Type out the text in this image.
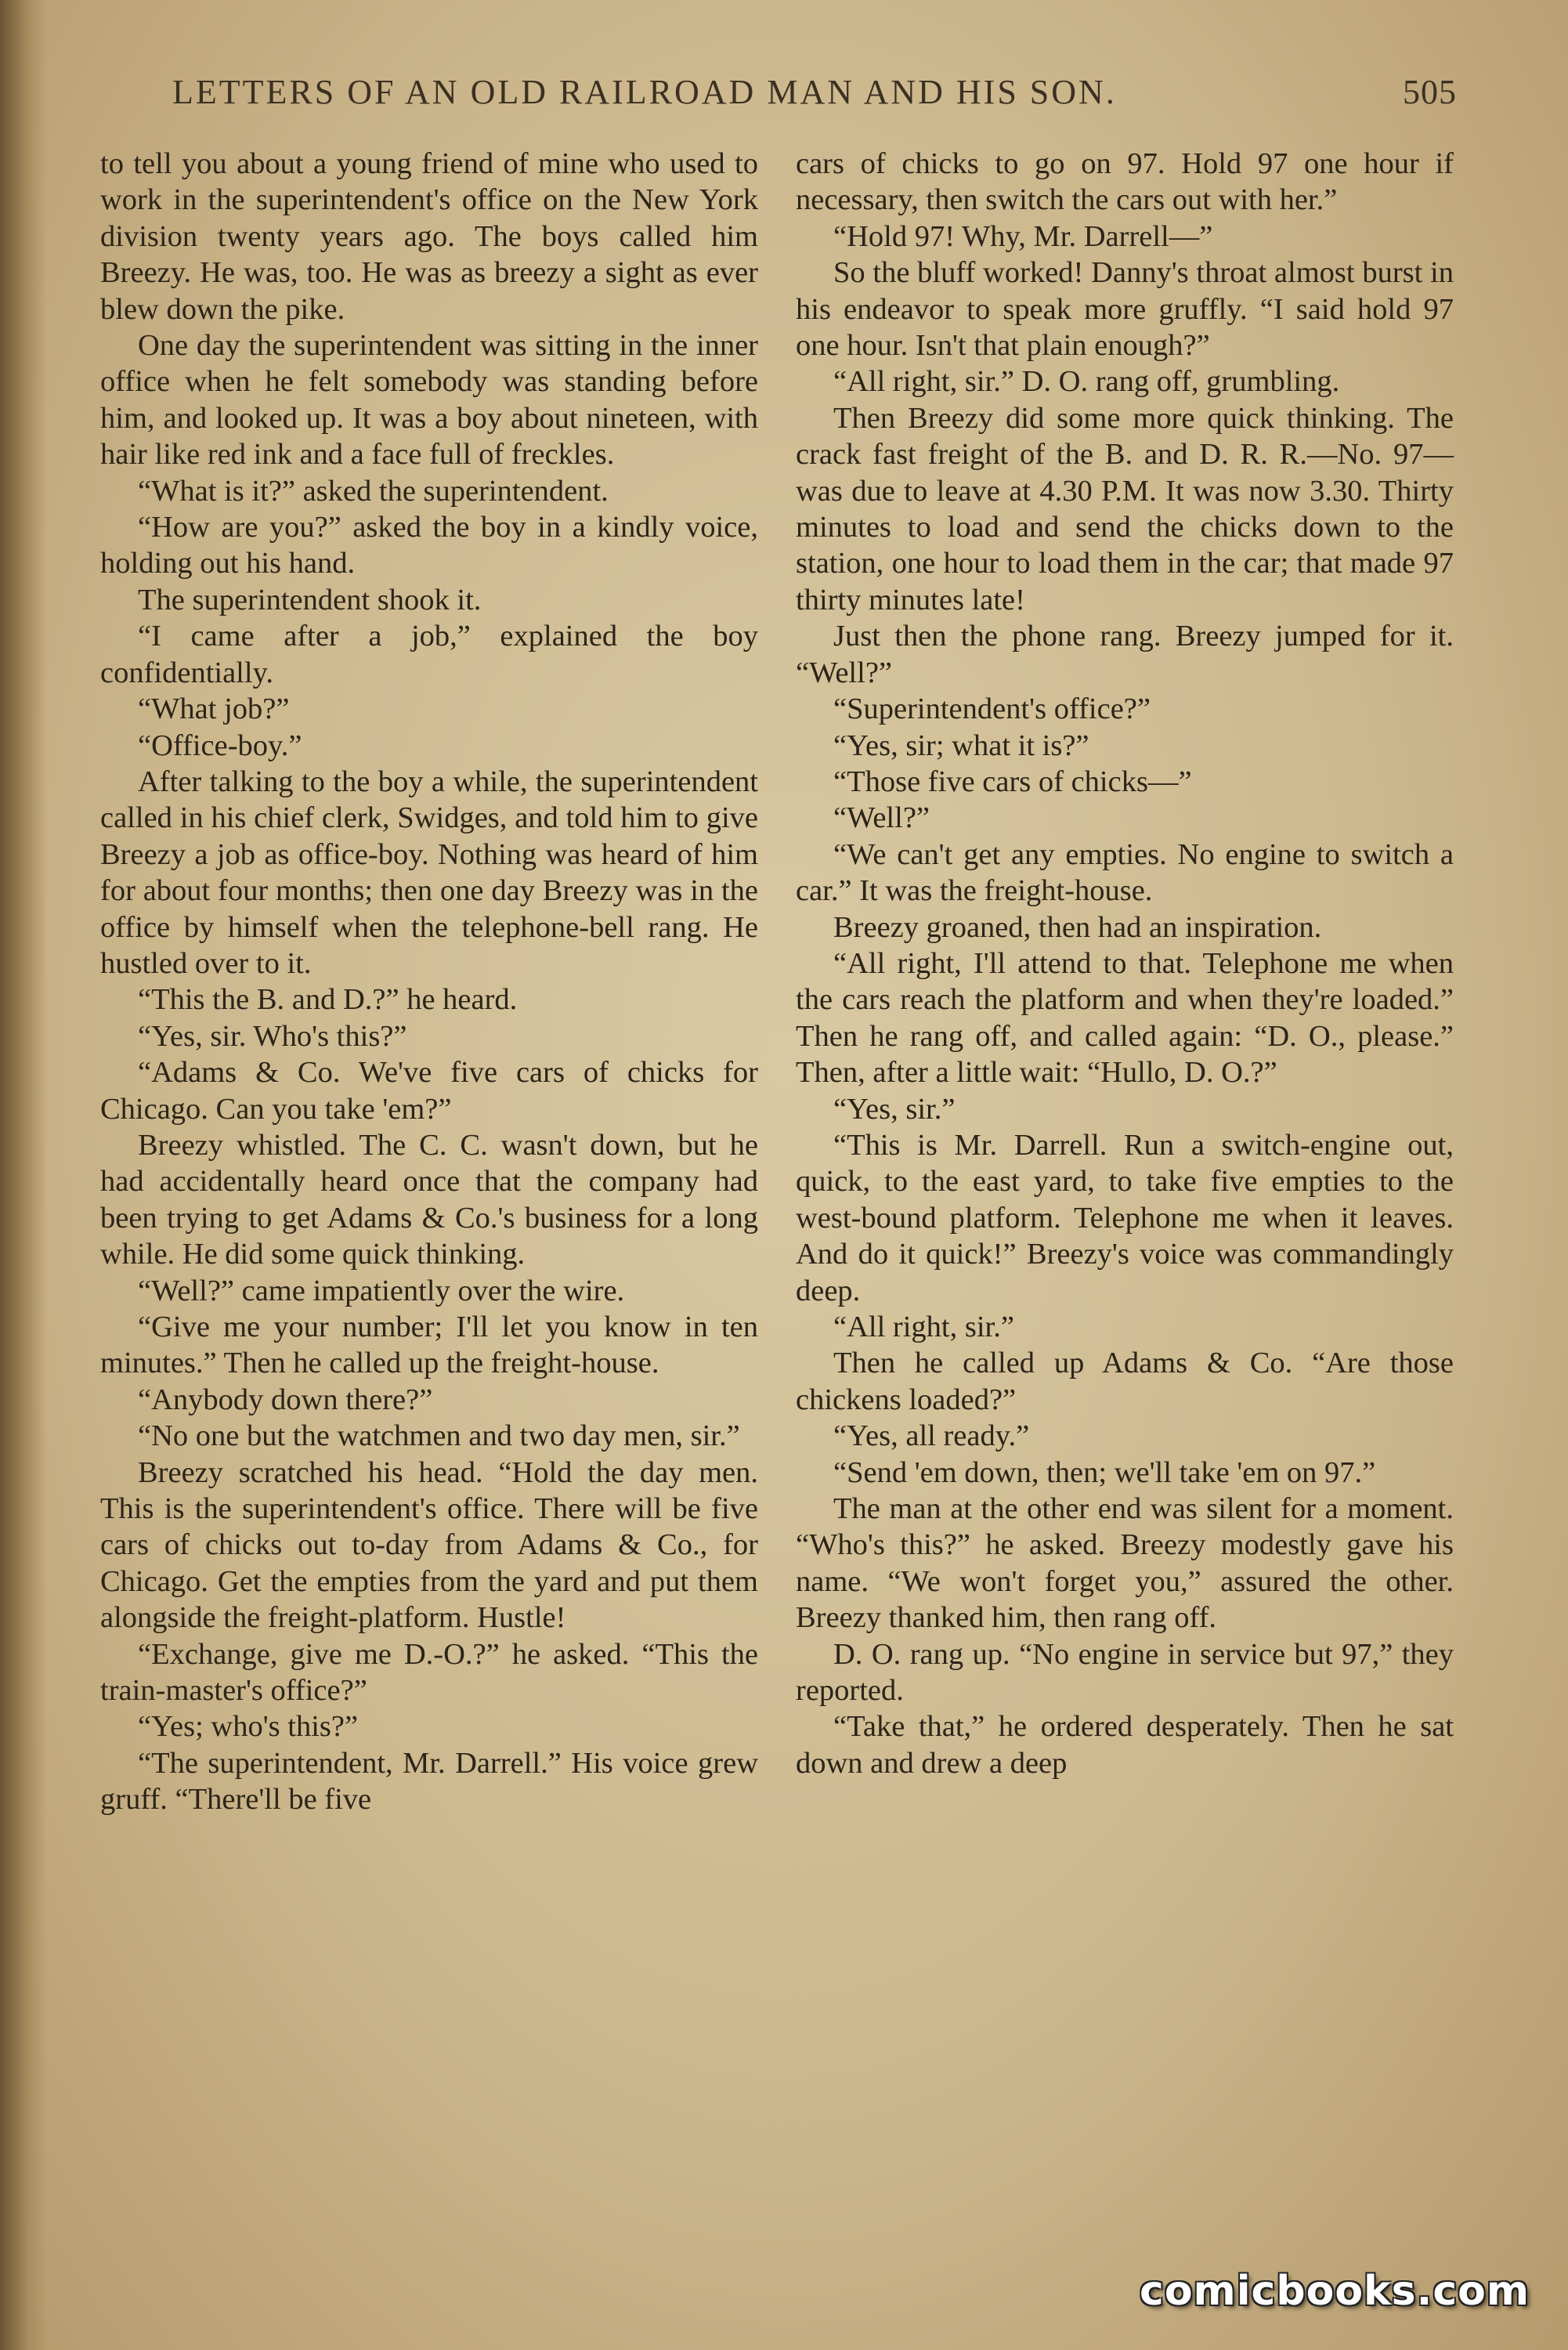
LETTERS OF AN OLD RAILROAD MAN AND HIS SON.	505

to tell you about a young friend of mine who used to work in the superintendent's office on the New York division twenty years ago. The boys called him Breezy. He was, too. He was as breezy a sight as ever blew down the pike.

One day the superintendent was sitting in the inner office when he felt somebody was standing before him, and looked up. It was a boy about nineteen, with hair like red ink and a face full of freckles.

“What is it?” asked the superintendent.

“How are you?” asked the boy in a kindly voice, holding out his hand.

The superintendent shook it.

“I came after a job,” explained the boy confidentially.

“What job?”

“Office-boy.”

After talking to the boy a while, the superintendent called in his chief clerk, Swidges, and told him to give Breezy a job as office-boy. Nothing was heard of him for about four months; then one day Breezy was in the office by himself when the telephone-bell rang. He hustled over to it.

“This the B. and D.?” he heard.

“Yes, sir. Who's this?”

“Adams & Co. We've five cars of chicks for Chicago. Can you take 'em?”

Breezy whistled. The C. C. wasn't down, but he had accidentally heard once that the company had been trying to get Adams & Co.'s business for a long while. He did some quick thinking.

“Well?” came impatiently over the wire.

“Give me your number; I'll let you know in ten minutes.” Then he called up the freight-house.

“Anybody down there?”

“No one but the watchmen and two day men, sir.”

Breezy scratched his head. “Hold the day men. This is the superintendent's office. There will be five cars of chicks out to-day from Adams & Co., for Chicago. Get the empties from the yard and put them alongside the freight-platform. Hustle!

“Exchange, give me D.-O.?” he asked. “This the train-master's office?”

“Yes; who's this?”

“The superintendent, Mr. Darrell.” His voice grew gruff. “There'll be five

cars of chicks to go on 97. Hold 97 one hour if necessary, then switch the cars out with her.”

“Hold 97! Why, Mr. Darrell—”

So the bluff worked! Danny's throat almost burst in his endeavor to speak more gruffly. “I said hold 97 one hour. Isn't that plain enough?”

“All right, sir.” D. O. rang off, grumbling.

Then Breezy did some more quick thinking. The crack fast freight of the B. and D. R. R.—No. 97—was due to leave at 4.30 P.M. It was now 3.30. Thirty minutes to load and send the chicks down to the station, one hour to load them in the car; that made 97 thirty minutes late!

Just then the phone rang. Breezy jumped for it. “Well?”

“Superintendent's office?”

“Yes, sir; what it is?”

“Those five cars of chicks—”

“Well?”

“We can't get any empties. No engine to switch a car.” It was the freight-house.

Breezy groaned, then had an inspiration.

“All right, I'll attend to that. Telephone me when the cars reach the platform and when they're loaded.” Then he rang off, and called again: “D. O., please.” Then, after a little wait: “Hullo, D. O.?”

“Yes, sir.”

“This is Mr. Darrell. Run a switch-engine out, quick, to the east yard, to take five empties to the west-bound platform. Telephone me when it leaves. And do it quick!” Breezy's voice was commandingly deep.

“All right, sir.”

Then he called up Adams & Co. “Are those chickens loaded?”

“Yes, all ready.”

“Send 'em down, then; we'll take 'em on 97.”

The man at the other end was silent for a moment. “Who's this?” he asked. Breezy modestly gave his name. “We won't forget you,” assured the other. Breezy thanked him, then rang off.

D. O. rang up. “No engine in service but 97,” they reported.

“Take that,” he ordered desperately. Then he sat down and drew a deep

comicbooks.com
